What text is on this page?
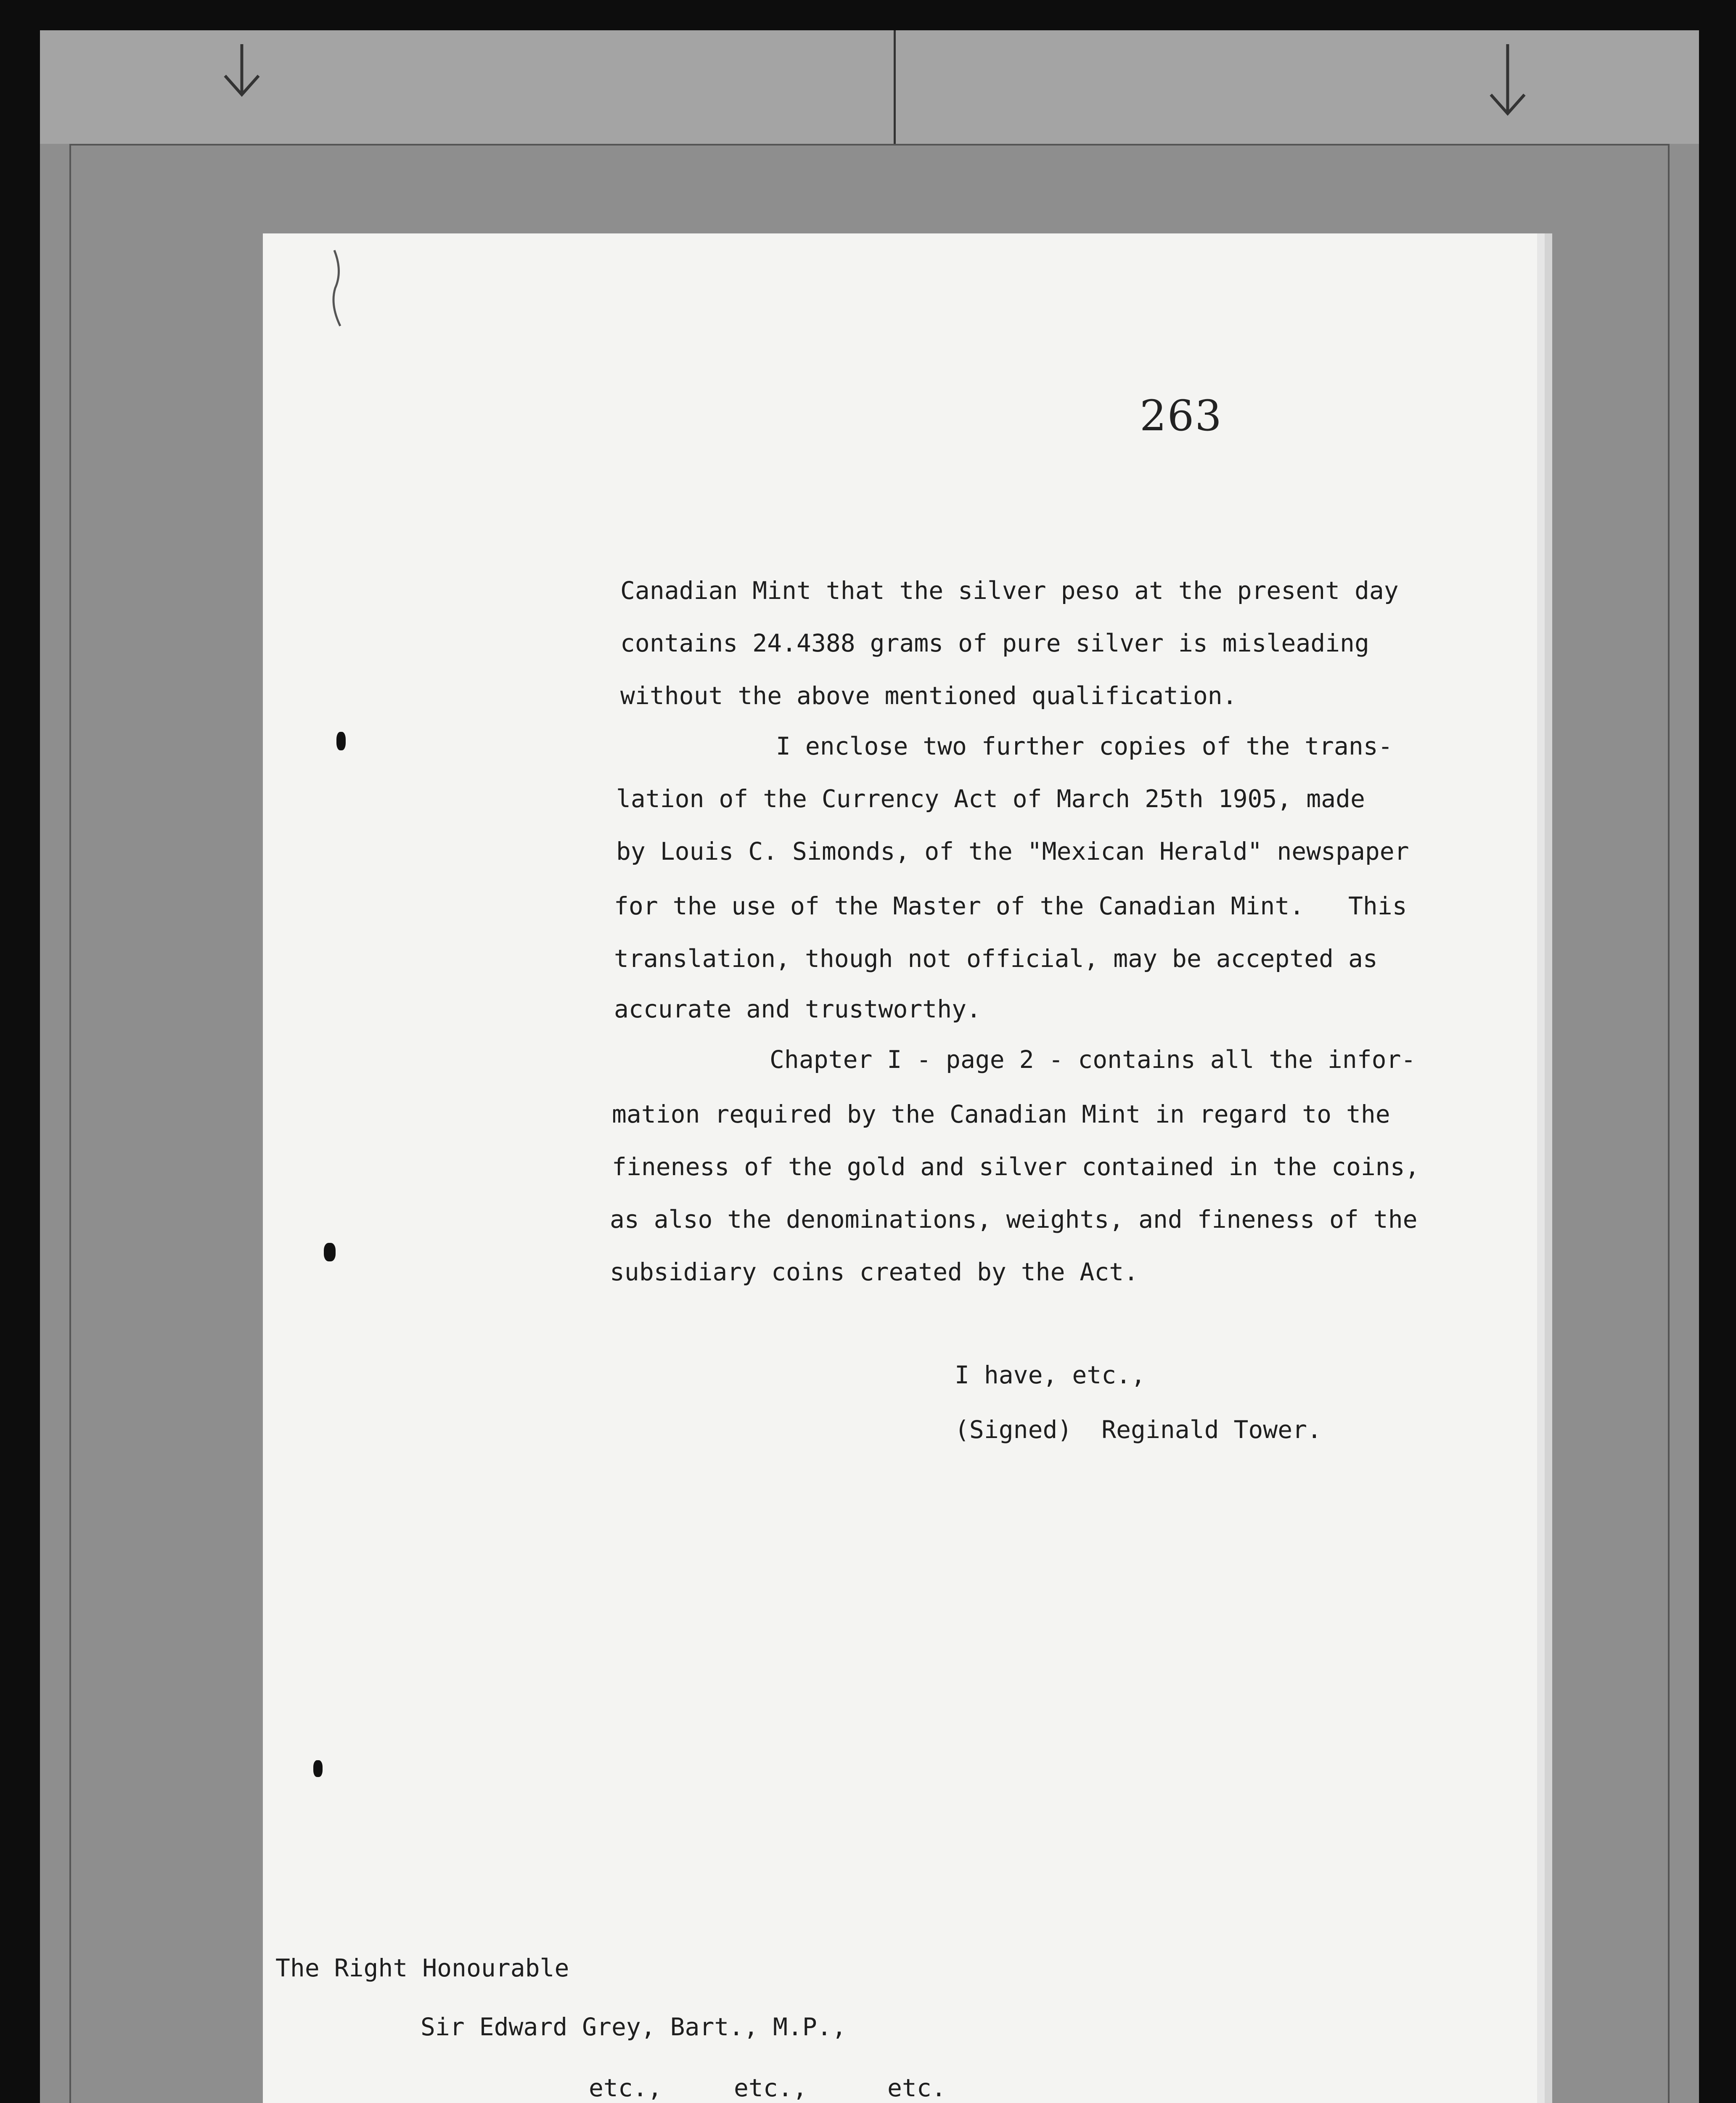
263
Canadian Mint that the silver peso at the present day
contains 24.4388 grams of pure silver is misleading
without the above mentioned qualification.
I enclose two further copies of the trans-
lation of the Currency Act of March 25th 1905, made
by Louis C. Simonds, of the "Mexican Herald" newspaper
for the use of the Master of the Canadian Mint.   This
translation, though not official, may be accepted as
accurate and trustworthy.
Chapter I - page 2 - contains all the infor-
mation required by the Canadian Mint in regard to the
fineness of the gold and silver contained in the coins,
as also the denominations, weights, and fineness of the
subsidiary coins created by the Act.
I have, etc.,
(Signed)  Reginald Tower.
The Right Honourable
Sir Edward Grey, Bart., M.P.,
etc.,	etc.,	etc.
